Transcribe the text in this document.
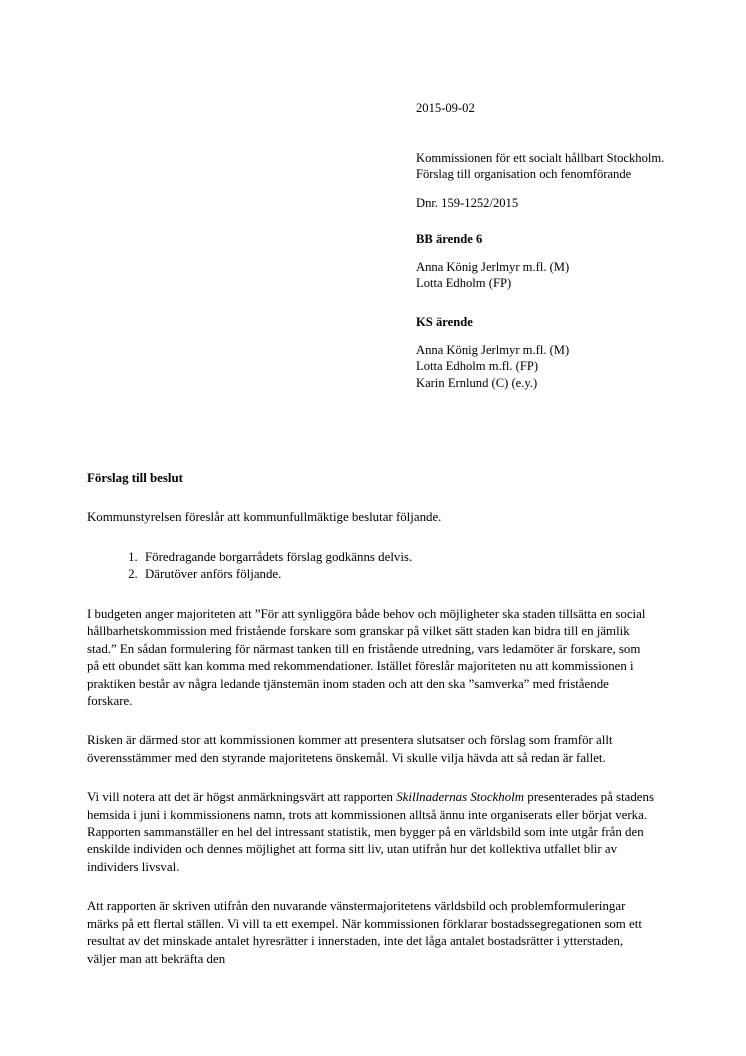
2015-09-02

Kommissionen för ett socialt hållbart Stockholm. Förslag till organisation och fenomförande

Dnr. 159-1252/2015

BB ärende 6

Anna König Jerlmyr m.fl. (M)
Lotta Edholm (FP)

KS ärende

Anna König Jerlmyr m.fl. (M)
Lotta Edholm m.fl. (FP)
Karin Ernlund (C) (e.y.)

Förslag till beslut

Kommunstyrelsen föreslår att kommunfullmäktige beslutar följande.

1. Föredragande borgarrådets förslag godkänns delvis.
2. Därutöver anförs följande.

I budgeten anger majoriteten att ”För att synliggöra både behov och möjligheter ska staden tillsätta en social hållbarhetskommission med fristående forskare som granskar på vilket sätt staden kan bidra till en jämlik stad.” En sådan formulering för närmast tanken till en fristående utredning, vars ledamöter är forskare, som på ett obundet sätt kan komma med rekommendationer. Istället föreslår majoriteten nu att kommissionen i praktiken består av några ledande tjänstemän inom staden och att den ska ”samverka” med fristående forskare.

Risken är därmed stor att kommissionen kommer att presentera slutsatser och förslag som framför allt överensstämmer med den styrande majoritetens önskemål. Vi skulle vilja hävda att så redan är fallet.

Vi vill notera att det är högst anmärkningsvärt att rapporten Skillnadernas Stockholm presenterades på stadens hemsida i juni i kommissionens namn, trots att kommissionen alltså ännu inte organiserats eller börjat verka. Rapporten sammanställer en hel del intressant statistik, men bygger på en världsbild som inte utgår från den enskilde individen och dennes möjlighet att forma sitt liv, utan utifrån hur det kollektiva utfallet blir av individers livsval.

Att rapporten är skriven utifrån den nuvarande vänstermajoritetens världsbild och problemformuleringar märks på ett flertal ställen. Vi vill ta ett exempel. När kommissionen förklarar bostadssegregationen som ett resultat av det minskade antalet hyresrätter i innerstaden, inte det låga antalet bostadsrätter i ytterstaden, väljer man att bekräfta den
